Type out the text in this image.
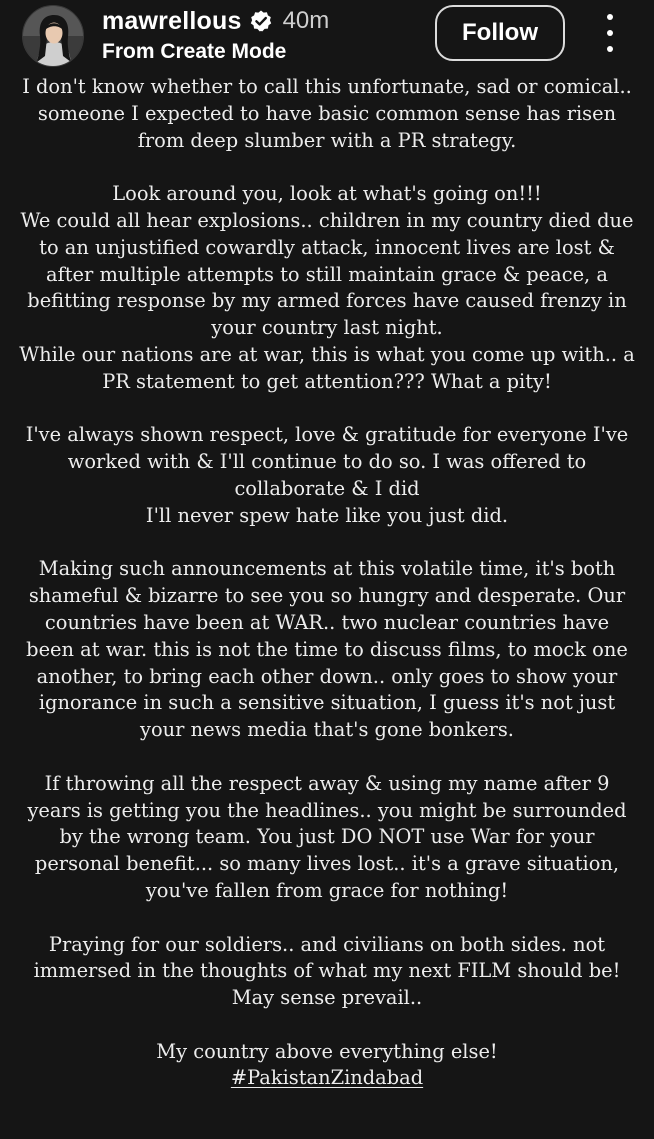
mawrellous 40m
From Create Mode
Follow

I don't know whether to call this unfortunate, sad or comical..
someone I expected to have basic common sense has risen
from deep slumber with a PR strategy.

Look around you, look at what's going on!!!
We could all hear explosions.. children in my country died due
to an unjustified cowardly attack, innocent lives are lost &
after multiple attempts to still maintain grace & peace, a
befitting response by my armed forces have caused frenzy in
your country last night.
While our nations are at war, this is what you come up with.. a
PR statement to get attention??? What a pity!

I've always shown respect, love & gratitude for everyone I've
worked with & I'll continue to do so. I was offered to
collaborate & I did
I'll never spew hate like you just did.

Making such announcements at this volatile time, it's both
shameful & bizarre to see you so hungry and desperate. Our
countries have been at WAR.. two nuclear countries have
been at war. this is not the time to discuss films, to mock one
another, to bring each other down.. only goes to show your
ignorance in such a sensitive situation, I guess it's not just
your news media that's gone bonkers.

If throwing all the respect away & using my name after 9
years is getting you the headlines.. you might be surrounded
by the wrong team. You just DO NOT use War for your
personal benefit... so many lives lost.. it's a grave situation,
you've fallen from grace for nothing!

Praying for our soldiers.. and civilians on both sides. not
immersed in the thoughts of what my next FILM should be!
May sense prevail..

My country above everything else!
#PakistanZindabad
